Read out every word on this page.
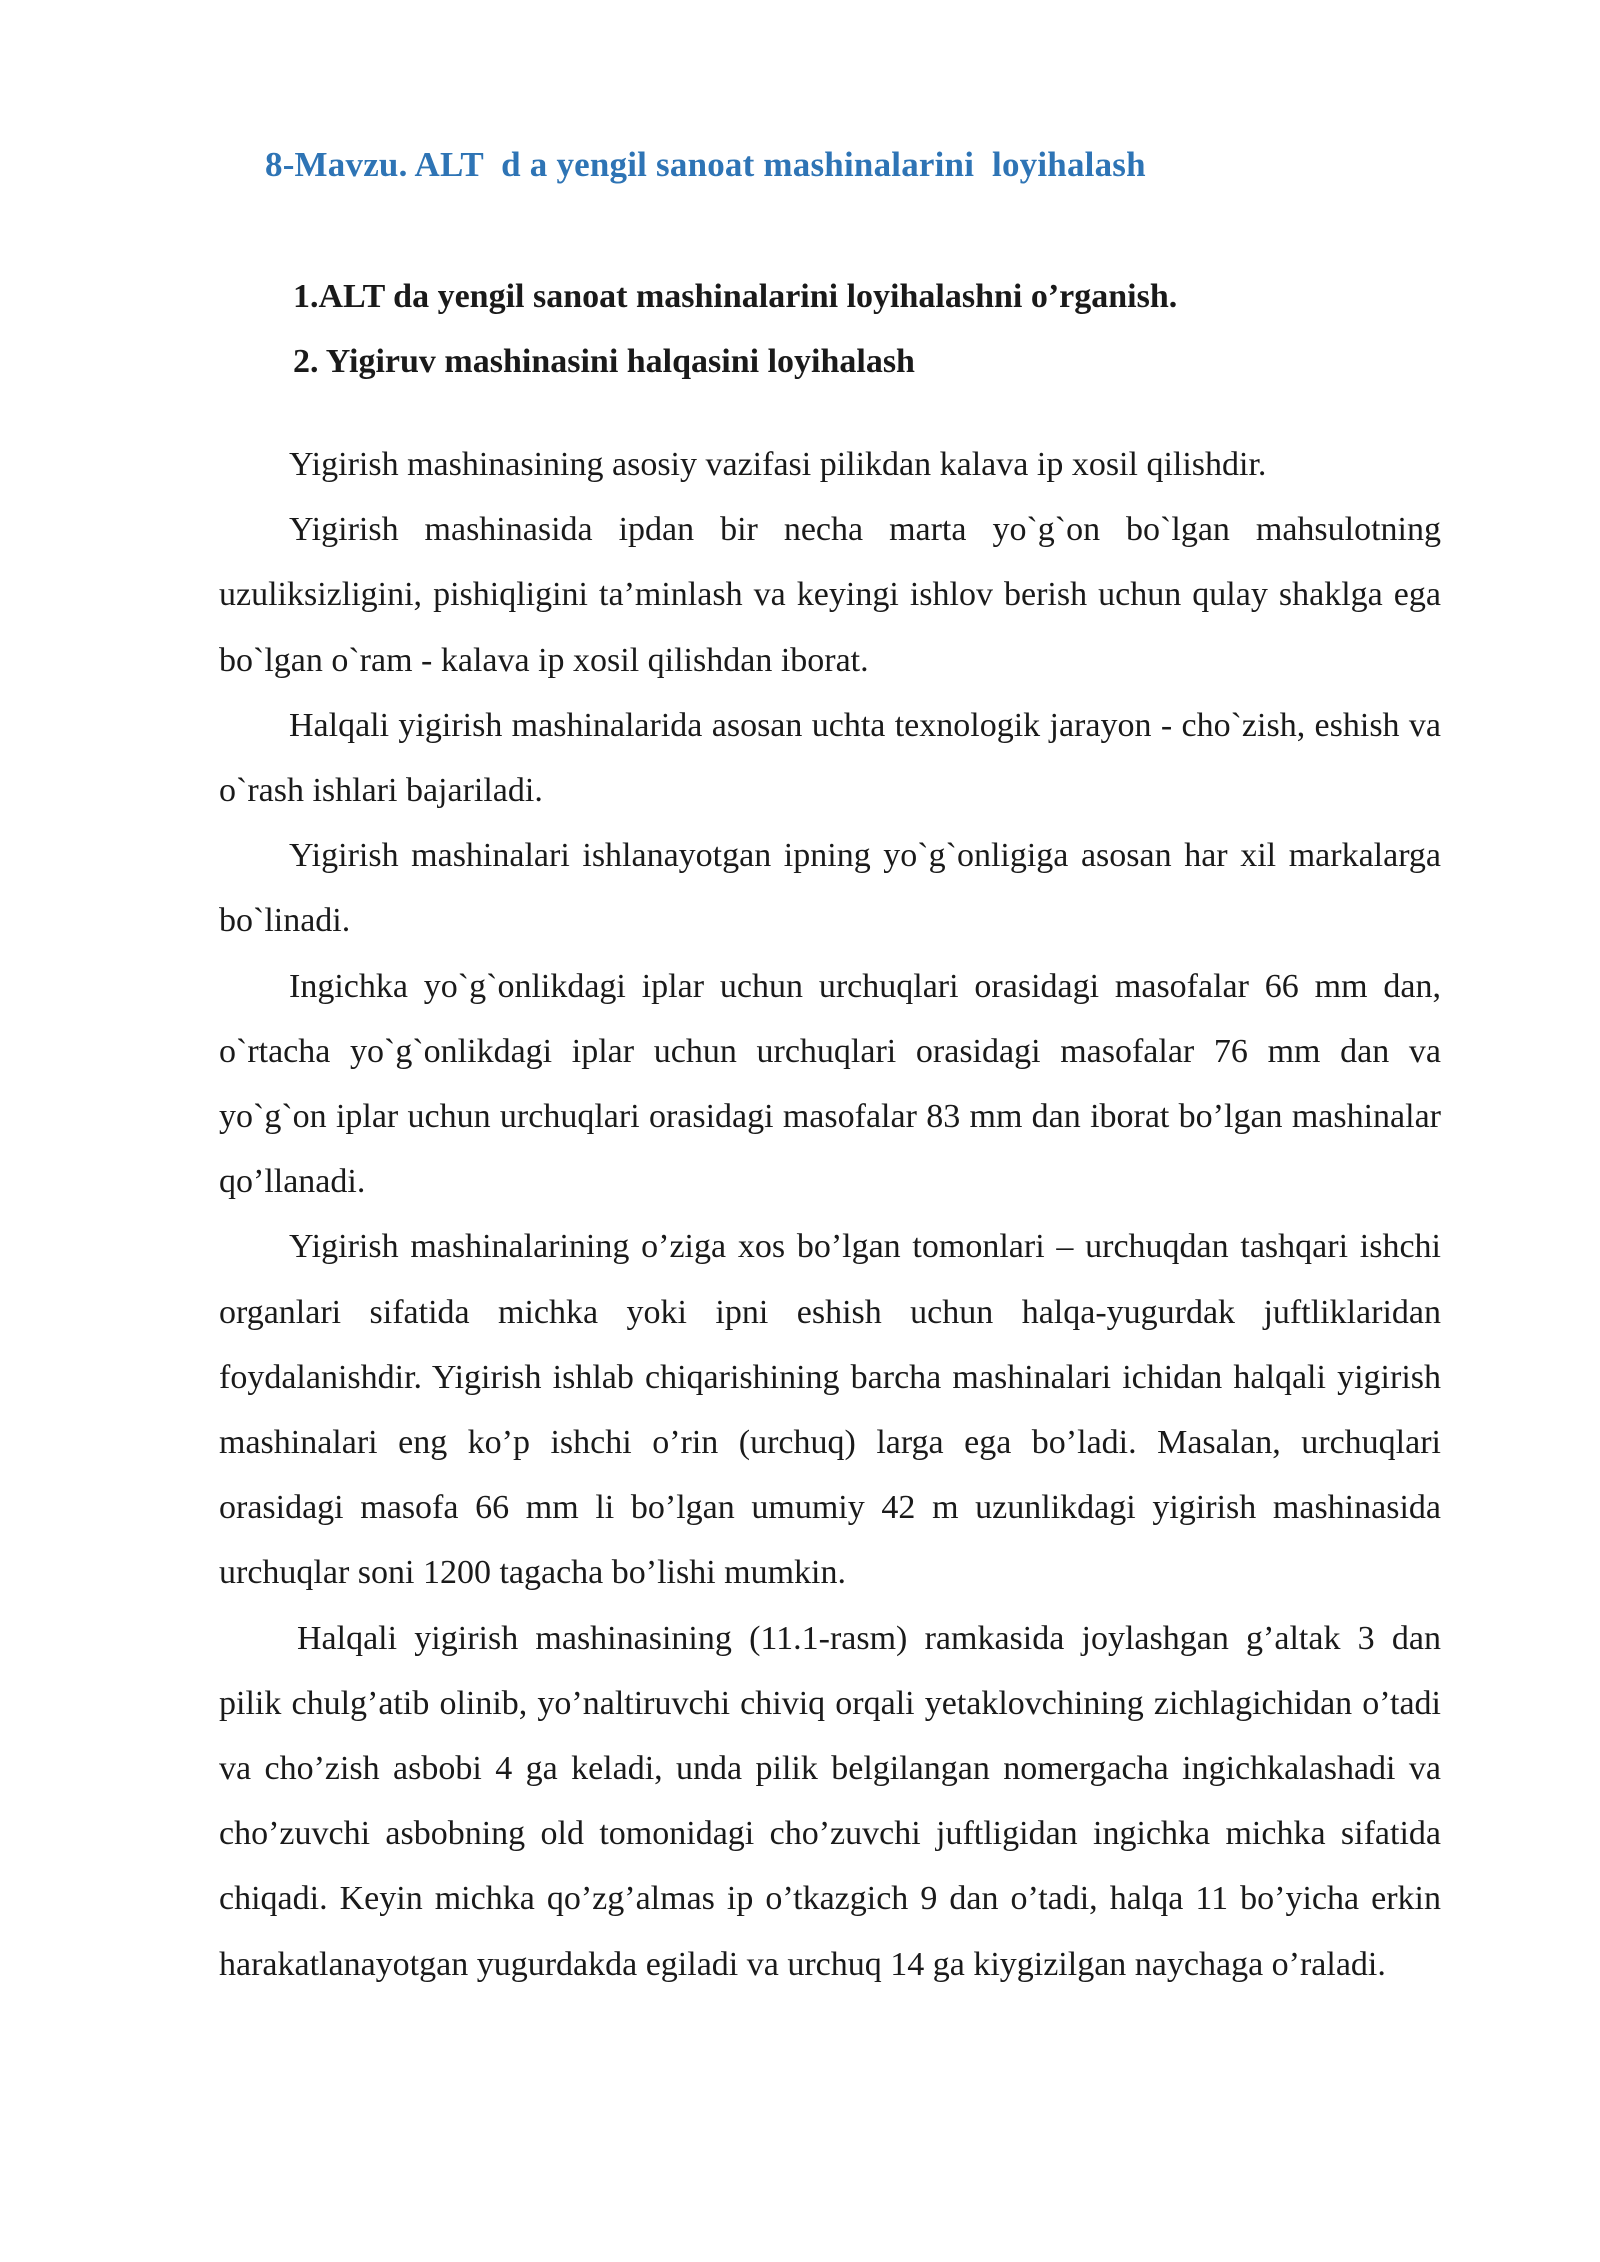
8-Mavzu. ALT  d a yengil sanoat mashinalarini  loyihalash
1.ALT da yengil sanoat mashinalarini loyihalashni o’rganish.
2. Yigiruv mashinasini halqasini loyihalash

Yigirish mashinasining asosiy vazifasi pilikdan kalava ip xosil qilishdir.

Yigirish mashinasida ipdan bir necha marta yo`g`on bo`lgan mahsulotning uzuliksizligini, pishiqligini ta’minlash va keyingi ishlov berish uchun qulay shaklga ega bo`lgan o`ram - kalava ip xosil qilishdan iborat.

Halqali yigirish mashinalarida asosan uchta texnologik jarayon - cho`zish, eshish va o`rash ishlari bajariladi.

Yigirish mashinalari ishlanayotgan ipning yo`g`onligiga asosan har xil markalarga bo`linadi.

Ingichka yo`g`onlikdagi iplar uchun urchuqlari orasidagi masofalar 66 mm dan, o`rtacha yo`g`onlikdagi iplar uchun urchuqlari orasidagi masofalar 76 mm dan va yo`g`on iplar uchun urchuqlari orasidagi masofalar 83 mm dan iborat bo’lgan mashinalar qo’llanadi.

Yigirish mashinalarining o’ziga xos bo’lgan tomonlari – urchuqdan tashqari ishchi organlari sifatida michka yoki ipni eshish uchun halqa-yugurdak juftliklaridan foydalanishdir. Yigirish ishlab chiqarishining barcha mashinalari ichidan halqali yigirish mashinalari eng ko’p ishchi o’rin (urchuq) larga ega bo’ladi. Masalan, urchuqlari orasidagi masofa 66 mm li bo’lgan umumiy 42 m uzunlikdagi yigirish mashinasida urchuqlar soni 1200 tagacha bo’lishi mumkin.

Halqali yigirish mashinasining (11.1-rasm) ramkasida joylashgan g’altak 3 dan pilik chulg’atib olinib, yo’naltiruvchi chiviq orqali yetaklovchining zichlagichidan o’tadi va cho’zish asbobi 4 ga keladi, unda pilik belgilangan nomergacha ingichkalashadi va cho’zuvchi asbobning old tomonidagi cho’zuvchi juftligidan ingichka michka sifatida chiqadi. Keyin michka qo’zg’almas ip o’tkazgich 9 dan o’tadi, halqa 11 bo’yicha erkin harakatlanayotgan yugurdakda egiladi va urchuq 14 ga kiygizilgan naychaga o’raladi.
